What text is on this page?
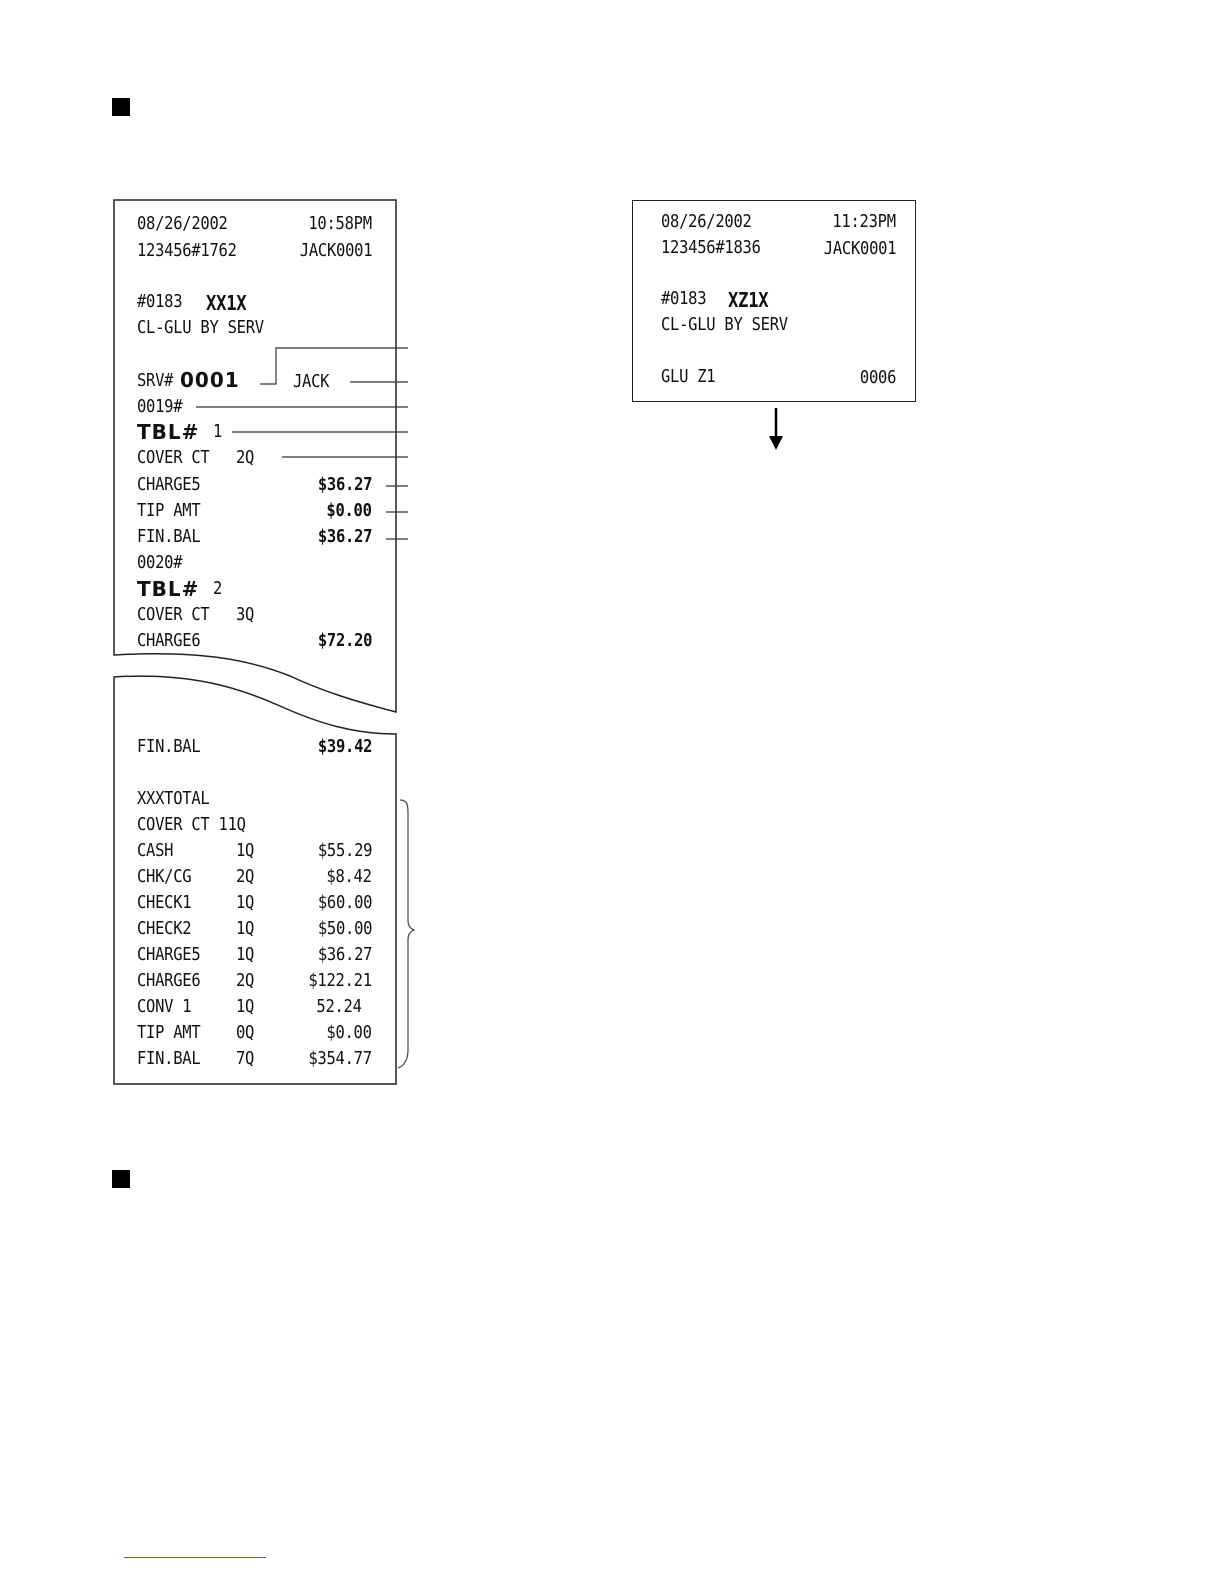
08/26/2002	10:58PM
123456#1762	JACK0001
#0183 XX1X
CL-GLU BY SERV
SRV# 0001	JACK
0019#
TBL# 1
COVER CT 2Q
CHARGE5	$36.27
TIP AMT	$0.00
FIN.BAL	$36.27
0020#
TBL# 2
COVER CT 3Q
CHARGE6	$72.20
FIN.BAL	$39.42
XXXTOTAL
COVER CT 11Q
CASH	1Q	$55.29
CHK/CG 2Q	$8.42
CHECK1 1Q	$60.00
CHECK2 1Q	$50.00
CHARGE5 1Q	$36.27
CHARGE6 2Q	$122.21
CONV 1 1Q	52.24
TIP AMT 0Q	$0.00
FIN.BAL 7Q	$354.77
08/26/2002	11:23PM
123456#1836	JACK0001
#0183 XZ1X
CL-GLU BY SERV
GLU Z1	0006
